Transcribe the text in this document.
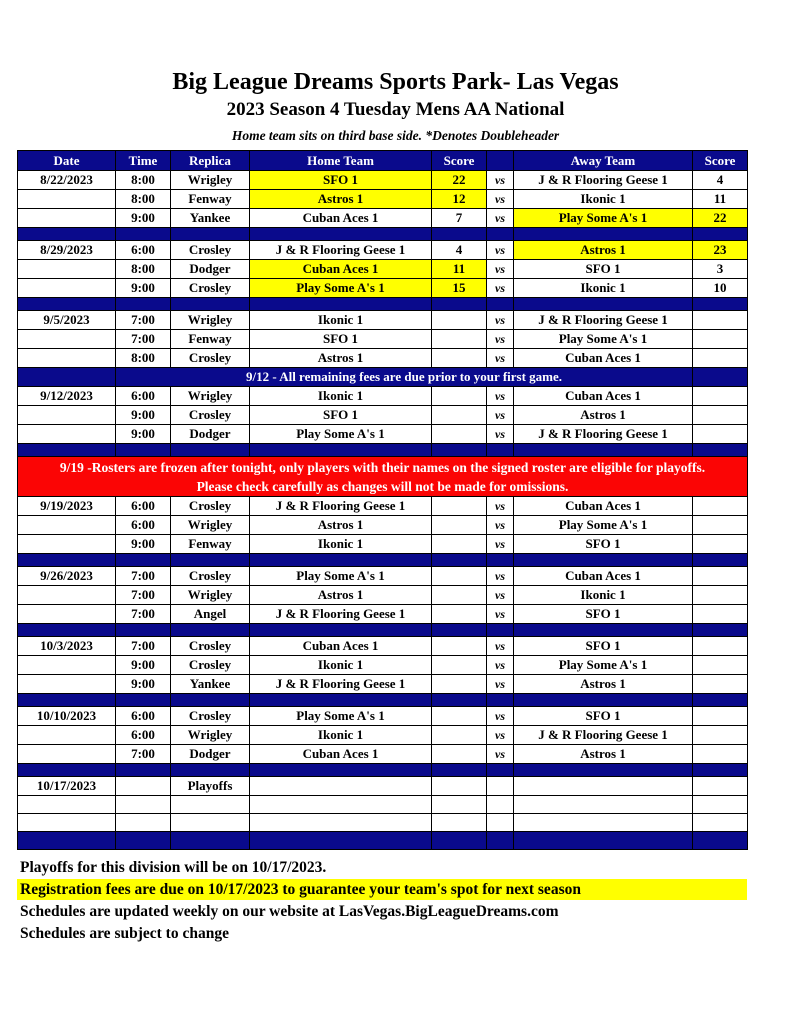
Big League Dreams Sports Park- Las Vegas
2023 Season 4 Tuesday Mens AA National
Home team sits on third base side. *Denotes Doubleheader
Date	Time	Replica	Home Team	Score		Away Team	Score
8/22/2023	8:00	Wrigley	SFO 1	22	vs	J & R Flooring Geese 1	4
	8:00	Fenway	Astros 1	12	vs	Ikonic 1	11
	9:00	Yankee	Cuban Aces 1	7	vs	Play Some A's 1	22

8/29/2023	6:00	Crosley	J & R Flooring Geese 1	4	vs	Astros 1	23
	8:00	Dodger	Cuban Aces 1	11	vs	SFO 1	3
	9:00	Crosley	Play Some A's 1	15	vs	Ikonic 1	10

9/5/2023	7:00	Wrigley	Ikonic 1		vs	J & R Flooring Geese 1	
	7:00	Fenway	SFO 1		vs	Play Some A's 1	
	8:00	Crosley	Astros 1		vs	Cuban Aces 1	
	9/12 - All remaining fees are due prior to your first game.						
9/12/2023	6:00	Wrigley	Ikonic 1		vs	Cuban Aces 1	
	9:00	Crosley	SFO 1		vs	Astros 1	
	9:00	Dodger	Play Some A's 1		vs	J & R Flooring Geese 1	

9/19 -Rosters are frozen after tonight, only players with their names on the signed roster are eligible for playoffs.
Please check carefully as changes will not be made for omissions.							

9/19/2023	6:00	Crosley	J & R Flooring Geese 1		vs	Cuban Aces 1	
	6:00	Wrigley	Astros 1		vs	Play Some A's 1	
	9:00	Fenway	Ikonic 1		vs	SFO 1	

9/26/2023	7:00	Crosley	Play Some A's 1		vs	Cuban Aces 1	
	7:00	Wrigley	Astros 1		vs	Ikonic 1	
	7:00	Angel	J & R Flooring Geese 1		vs	SFO 1	

10/3/2023	7:00	Crosley	Cuban Aces 1		vs	SFO 1	
	9:00	Crosley	Ikonic 1		vs	Play Some A's 1	
	9:00	Yankee	J & R Flooring Geese 1		vs	Astros 1	

10/10/2023	6:00	Crosley	Play Some A's 1		vs	SFO 1	
	6:00	Wrigley	Ikonic 1		vs	J & R Flooring Geese 1	
	7:00	Dodger	Cuban Aces 1		vs	Astros 1	

10/17/2023		Playoffs					

Playoffs for this division will be on 10/17/2023.
Registration fees are due on 10/17/2023 to guarantee your team's spot for next season
Schedules are updated weekly on our website at LasVegas.BigLeagueDreams.com
Schedules are subject to change
